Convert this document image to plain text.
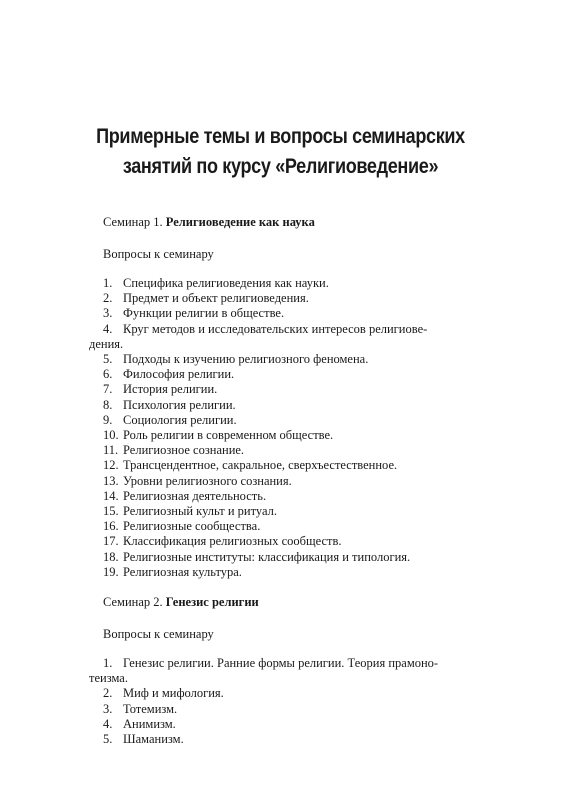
Примерные темы и вопросы семинарских
занятий по курсу «Религиоведение»
Семинар 1. Религиоведение как наука
Вопросы к семинару
1. Специфика религиоведения как науки.
2. Предмет и объект религиоведения.
3. Функции религии в обществе.
4. Круг методов и исследовательских интересов религиове-
дения.
5. Подходы к изучению религиозного феномена.
6. Философия религии.
7. История религии.
8. Психология религии.
9. Социология религии.
10. Роль религии в современном обществе.
11. Религиозное сознание.
12. Трансцендентное, сакральное, сверхъестественное.
13. Уровни религиозного сознания.
14. Религиозная деятельность.
15. Религиозный культ и ритуал.
16. Религиозные сообщества.
17. Классификация религиозных сообществ.
18. Религиозные институты: классификация и типология.
19. Религиозная культура.
Семинар 2. Генезис религии
Вопросы к семинару
1. Генезис религии. Ранние формы религии. Теория прамоно-
теизма.
2. Миф и мифология.
3. Тотемизм.
4. Анимизм.
5. Шаманизм.
